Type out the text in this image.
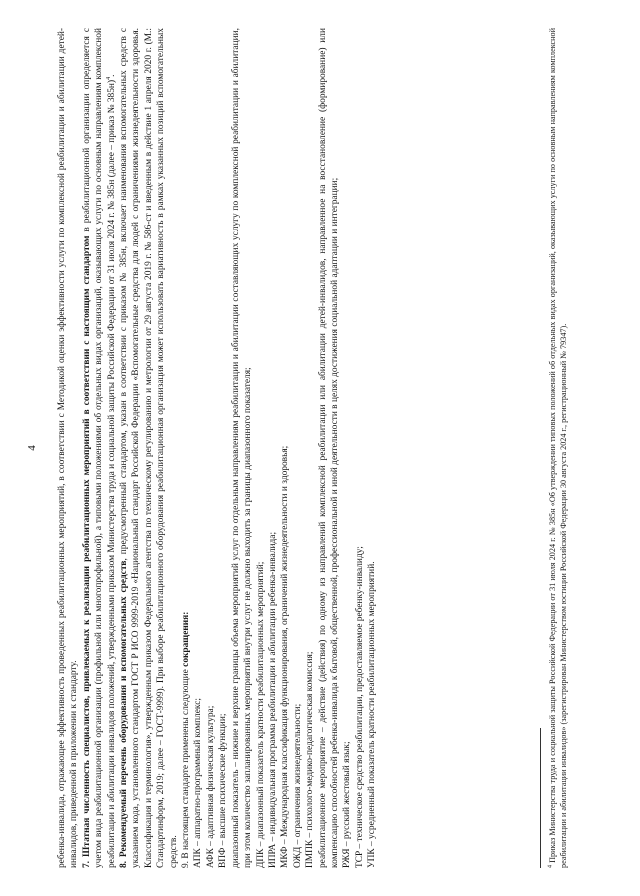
4 ребенка-инвалида, отражающее эффективность проведенных реабилитационных мероприятий, в соответствии с Методикой оценки эффективности услуги по комплексной реабилитации и абилитации детей-инвалидов, приведенной в приложении к стандарту. 7. Штатная численность специалистов, привлекаемых к реализации реабилитационных мероприятий в соответствии с настоящим стандартом в реабилитационной организации определяется с учетом вида реабилитационной организации (профильной или многопрофильной), а типовыми положениями об отдельных видах организаций, оказывающих услуги по основным направлениям комплексной реабилитации и абилитации инвалидов положений, утвержденными приказом Министерства труда и социальной защиты Российской Федерации от 31 июля 2024 г. № 385н (далее – приказ № 385н)$^4$.

8. Рекомендуемый перечень оборудования и вспомогательных средств, предусмотренный стандартом, указан в соответствии с приказом № 385н, включает наименования вспомогательных средств с указанием кода, установленного стандартом ГОСТ Р ИСО 9999-2019 «Национальный стандарт Российской Федерации «Вспомогательные средства для людей с ограничениями жизнедеятельности здоровья. Классификация и терминология», утвержденным приказом Федерального агентства по техническому регулированию и метрологии от 29 августа 2019 г. № 586-ст и введенным в действие 1 апреля 2020 г. (М.: Стандартинформ, 2019; далее – ГОСТ-9999). При выборе реабилитационного оборудования реабилитационная организация может использовать вариативность в рамках указанных позиций вспомогательных средств. 9. В настоящем стандарте применены следующие сокращения:

АПК – аппаратно-программный комплекс; АФК – адаптивная физическая культура; ВПФ – высшие психические функции; диапазонный показатель – нижние и верхние границы объема мероприятий услуг по отдельным направлениям реабилитации и абилитации составляющих услугу по комплексной реабилитации и абилитации, при этом количество запланированных мероприятий внутри услуг не должно выходить за границы диапазонного показателя; ДПК – диапазонный показатель кратности реабилитационных мероприятий; ИПРА – индивидуальная программа реабилитации и абилитации ребенка-инвалида; МКФ – Международная классификация функционирования, ограничений жизнедеятельности и здоровья; ОЖД – ограничения жизнедеятельности; ПМПК – психолого-медико-педагогическая комиссия; реабилитационное мероприятие – действие (действия) по одному из направлений комплексной реабилитации или абилитации детей-инвалидов, направленное на восстановление (формирование) или компенсацию способностей ребенка-инвалида к бытовой, общественной, профессиональной и иной деятельности в целях достижения социальной адаптации и интеграции; РЖЯ – русский жестовый язык; ТСР – техническое средство реабилитации, предоставляемое ребенку-инвалиду; УПК – усредненный показатель кратности реабилитационных мероприятий.	$^4$ Приказ Министерства труда и социальной защиты Российской Федерации от 31 июля 2024 г. № 385н «Об утверждении типовых положений об отдельных видах организаций, оказывающих услуги по основным направлениям комплексной реабилитации и абилитации инвалидов» (зарегистрирован Министерством юстиции Российской Федерации 30 августа 2024 г., регистрационный № 79347).
